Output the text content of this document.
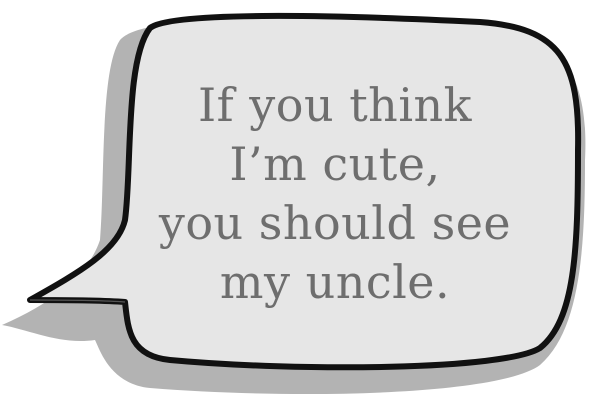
If you think
I’m cute,
you should see
my uncle.
